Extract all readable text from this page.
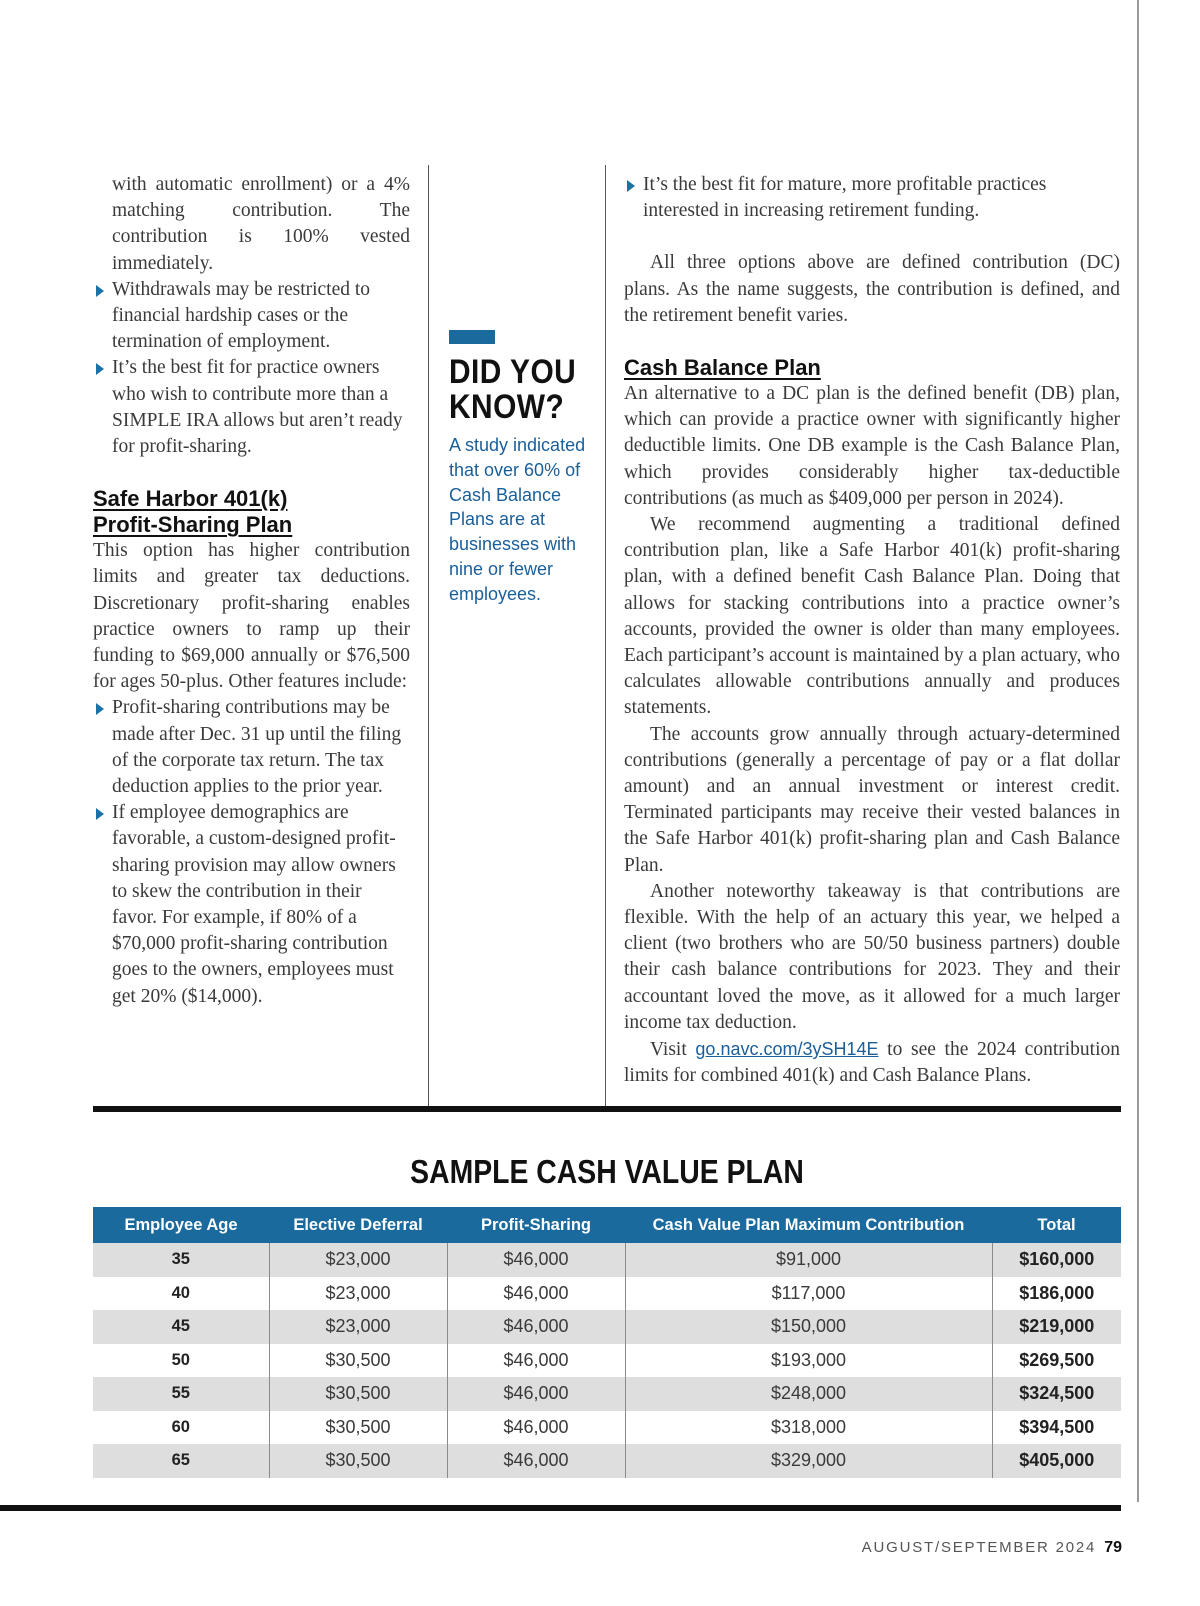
with automatic enrollment) or a 4% matching contribution. The contribution is 100% vested immediately.

Withdrawals may be restricted to financial hardship cases or the termination of employment.

It’s the best fit for practice owners who wish to contribute more than a SIMPLE IRA allows but aren’t ready for profit-sharing.

Safe Harbor 401(k)

Profit-Sharing Plan

This option has higher contribution limits and greater tax deductions. Discretionary profit-sharing enables practice owners to ramp up their funding to $69,000 annually or $76,500 for ages 50-plus. Other features include:

Profit-sharing contributions may be made after Dec. 31 up until the filing of the corporate tax return. The tax deduction applies to the prior year.

If employee demographics are favorable, a custom-designed profit-sharing provision may allow owners to skew the contribution in their favor. For example, if 80% of a $70,000 profit-sharing contribution goes to the owners, employees must get 20% ($14,000).

DID YOU
KNOW?
A study indicated that over 60% of Cash Balance Plans are at businesses with nine or fewer employees.

It’s the best fit for mature, more profitable practices interested in increasing retirement funding.

All three options above are defined contribution (DC) plans. As the name suggests, the contribution is defined, and the retirement benefit varies.

Cash Balance Plan

An alternative to a DC plan is the defined benefit (DB) plan, which can provide a practice owner with significantly higher deductible limits. One DB example is the Cash Balance Plan, which provides considerably higher tax-deductible contributions (as much as $409,000 per person in 2024).

We recommend augmenting a traditional defined contribution plan, like a Safe Harbor 401(k) profit-sharing plan, with a defined benefit Cash Balance Plan. Doing that allows for stacking contributions into a practice owner’s accounts, provided the owner is older than many employees. Each participant’s account is maintained by a plan actuary, who calculates allowable contributions annually and produces statements.

The accounts grow annually through actuary-determined contributions (generally a percentage of pay or a flat dollar amount) and an annual investment or interest credit. Terminated participants may receive their vested balances in the Safe Harbor 401(k) profit-sharing plan and Cash Balance Plan.

Another noteworthy takeaway is that contributions are flexible. With the help of an actuary this year, we helped a client (two brothers who are 50/50 business partners) double their cash balance contributions for 2023. They and their accountant loved the move, as it allowed for a much larger income tax deduction.

Visit go.navc.com/3ySH14E to see the 2024 contribution limits for combined 401(k) and Cash Balance Plans.

SAMPLE CASH VALUE PLAN
Employee Age	Elective Deferral	Profit-Sharing	Cash Value Plan Maximum Contribution	Total
35	$23,000	$46,000	$91,000	$160,000
40	$23,000	$46,000	$117,000	$186,000
45	$23,000	$46,000	$150,000	$219,000
50	$30,500	$46,000	$193,000	$269,500
55	$30,500	$46,000	$248,000	$324,500
60	$30,500	$46,000	$318,000	$394,500
65	$30,500	$46,000	$329,000	$405,000
AUGUST/SEPTEMBER 2024 79
